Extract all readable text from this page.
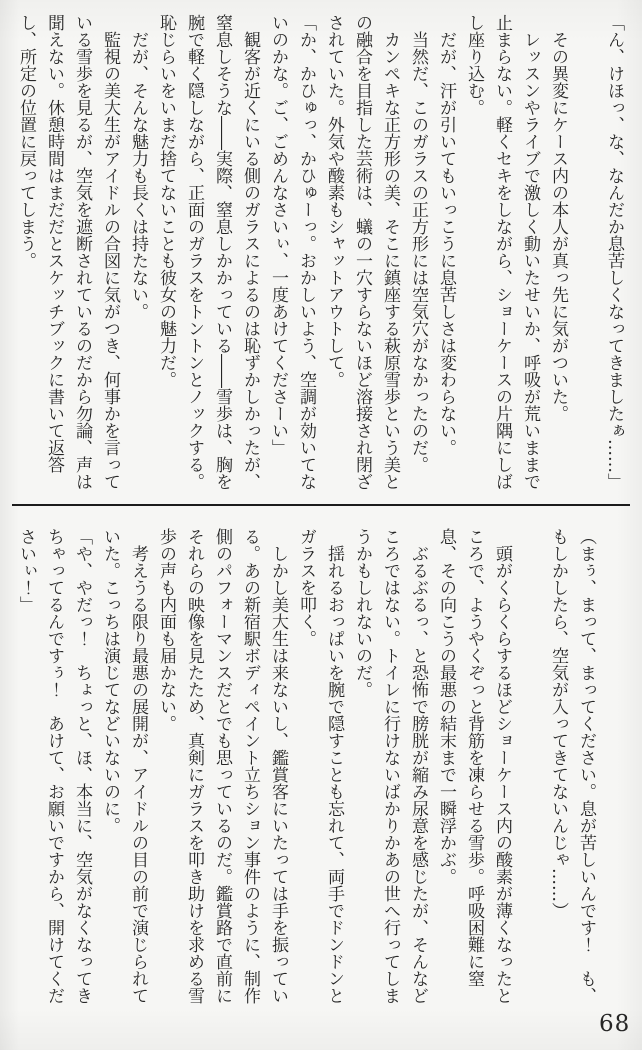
「ん、けほっ、な、なんだか息苦しくなってきましたぁ……」

その異変にケース内の本人が真っ先に気がついた。

レッスンやライブで激しく動いたせいか、呼吸が荒いままで止まらない。軽くセキをしながら、ショーケースの片隅にしばし座り込む。

だが、汗が引いてもいっこうに息苦しさは変わらない。

当然だ、このガラスの正方形には空気穴がなかったのだ。

カンペキな正方形の美、そこに鎮座する萩原雪歩という美との融合を目指した芸術は、蟻の一穴すらないほど溶接され閉ざされていた。外気や酸素もシャットアウトして。

「か、かひゅっ、かひゅーっ。おかしいよう、空調が効いてないのかな。ご、ごめんなさいぃ、一度あけてくださーい」

観客が近くにいる側のガラスによるのは恥ずかしかったが、窒息しそうな――実際、窒息しかかっている――雪歩は、胸を腕で軽く隠しながら、正面のガラスをトントンとノックする。恥じらいをいまだ捨てないことも彼女の魅力だ。

だが、そんな魅力も長くは持たない。

監視の美大生がアイドルの合図に気がつき、何事かを言っている雪歩を見るが、空気を遮断されているのだから勿論、声は聞えない。休憩時間はまだだとスケッチブックに書いて返答し、所定の位置に戻ってしまう。

（まぅ、まって、まってください。息が苦しいんです！　も、もしかしたら、空気が入ってきてないんじゃ……）

頭がくらくらするほどショーケース内の酸素が薄くなったところで、ようやくぞっと背筋を凍らせる雪歩。呼吸困難に窒息、その向こうの最悪の結末まで一瞬浮かぶ。

ぶるぶるっ、と恐怖で膀胱が縮み尿意を感じたが、そんなどころではない。トイレに行けないばかりかあの世へ行ってしまうかもしれないのだ。

揺れるおっぱいを腕で隠すことも忘れて、両手でドンドンとガラスを叩く。

しかし美大生は来ないし、鑑賞客にいたっては手を振っている。あの新宿駅ボディペイント立ちション事件のように、制作側のパフォーマンスだとでも思っているのだ。鑑賞路で直前にそれらの映像を見たため、真剣にガラスを叩き助けを求める雪歩の声も内面も届かない。

考えうる限り最悪の展開が、アイドルの目の前で演じられていた。こっちは演じてなどいないのに。

「や、やだっ！　ちょっと、ほ、本当に、空気がなくなってきちゃってるんですぅ！　あけて、お願いですから、開けてくださいぃ！」

68
